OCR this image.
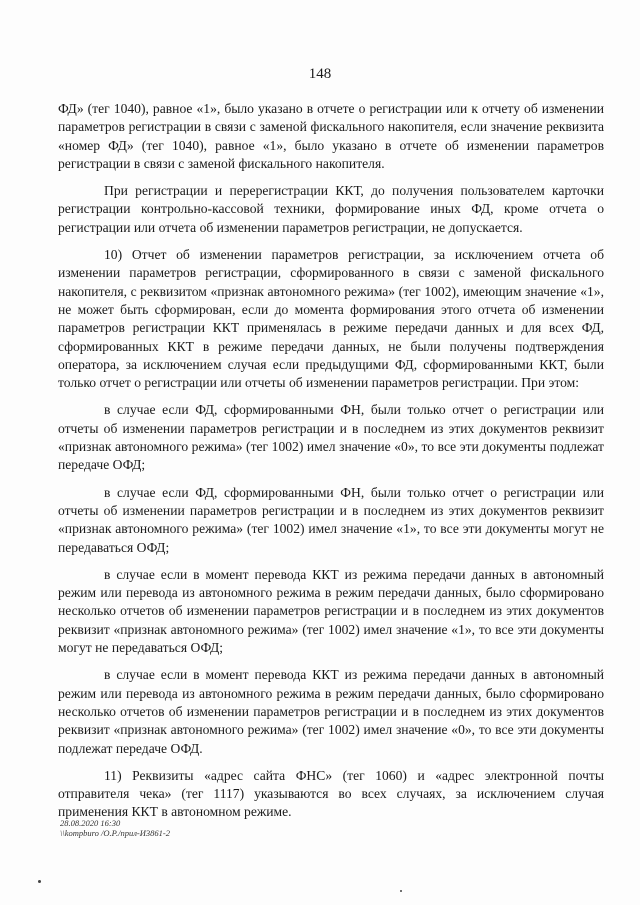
148

ФД» (тег 1040), равное «1», было указано в отчете о регистрации или к отчету об изменении параметров регистрации в связи с заменой фискального накопителя, если значение реквизита «номер ФД» (тег 1040), равное «1», было указано в отчете об изменении параметров регистрации в связи с заменой фискального накопителя.

При регистрации и перерегистрации ККТ, до получения пользователем карточки регистрации контрольно-кассовой техники, формирование иных ФД, кроме отчета о регистрации или отчета об изменении параметров регистрации, не допускается.

10) Отчет об изменении параметров регистрации, за исключением отчета об изменении параметров регистрации, сформированного в связи с заменой фискального накопителя, с реквизитом «признак автономного режима» (тег 1002), имеющим значение «1», не может быть сформирован, если до момента формирования этого отчета об изменении параметров регистрации ККТ применялась в режиме передачи данных и для всех ФД, сформированных ККТ в режиме передачи данных, не были получены подтверждения оператора, за исключением случая если предыдущими ФД, сформированными ККТ, были только отчет о регистрации или отчеты об изменении параметров регистрации. При этом:

в случае если ФД, сформированными ФН, были только отчет о регистрации или отчеты об изменении параметров регистрации и в последнем из этих документов реквизит «признак автономного режима» (тег 1002) имел значение «0», то все эти документы подлежат передаче ОФД;

в случае если ФД, сформированными ФН, были только отчет о регистрации или отчеты об изменении параметров регистрации и в последнем из этих документов реквизит «признак автономного режима» (тег 1002) имел значение «1», то все эти документы могут не передаваться ОФД;

в случае если в момент перевода ККТ из режима передачи данных в автономный режим или перевода из автономного режима в режим передачи данных, было сформировано несколько отчетов об изменении параметров регистрации и в последнем из этих документов реквизит «признак автономного режима» (тег 1002) имел значение «1», то все эти документы могут не передаваться ОФД;

в случае если в момент перевода ККТ из режима передачи данных в автономный режим или перевода из автономного режима в режим передачи данных, было сформировано несколько отчетов об изменении параметров регистрации и в последнем из этих документов реквизит «признак автономного режима» (тег 1002) имел значение «0», то все эти документы подлежат передаче ОФД.

11) Реквизиты «адрес сайта ФНС» (тег 1060) и «адрес электронной почты отправителя чека» (тег 1117) указываются во всех случаях, за исключением случая применения ККТ в автономном режиме.

28.08.2020 16:30
\\kompburo /О.Р./прил-И3861-2
